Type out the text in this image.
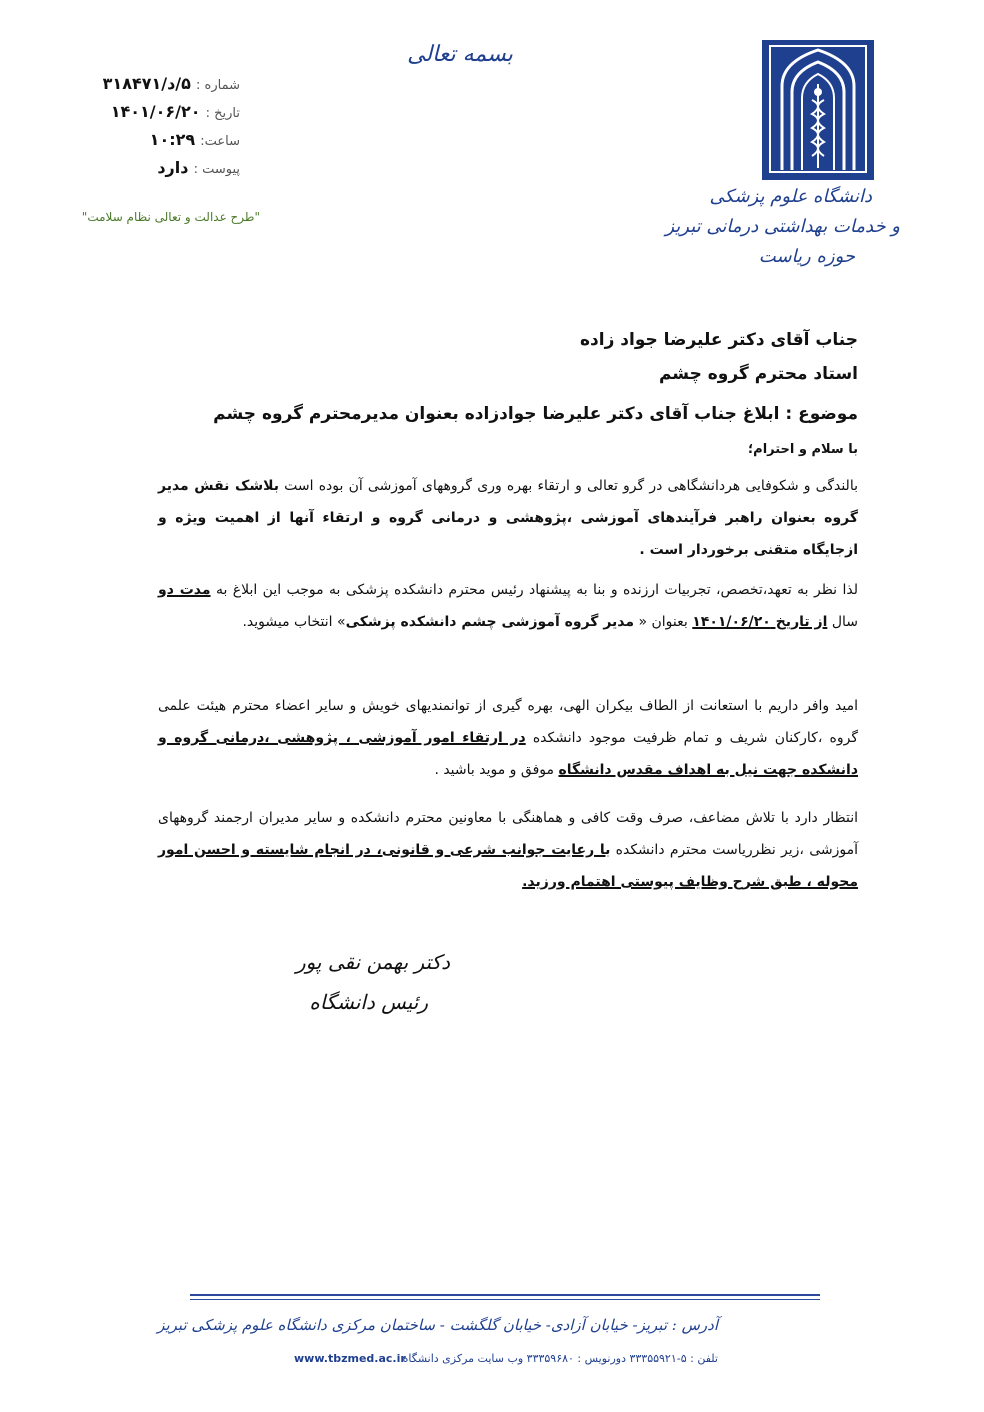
بسمه تعالی
شماره : ۵/د/۳۱۸۴۷۱
تاریخ : ۱۴۰۱/۰۶/۲۰
ساعت: ۱۰:۲۹
پیوست : دارد
"طرح عدالت و تعالی نظام سلامت"
دانشگاه علوم پزشکی
و خدمات بهداشتی درمانی تبریز
حوزه ریاست
جناب آقای دکتر علیرضا جواد زاده
استاد محترم گروه چشم
موضوع : ابلاغ جناب آقای دکتر علیرضا جوادزاده بعنوان مدیرمحترم گروه چشم
با سلام و احترام؛
بالندگی و شکوفایی هردانشگاهی در گرو تعالی و ارتقاء بهره وری گروههای آموزشی آن بوده است بلاشک نقش مدیر گروه بعنوان راهبر فرآیندهای آموزشی ،پژوهشی و درمانی گروه و ارتقاء آنها از اهمیت ویژه و ازجایگاه متقنی برخوردار است .
لذا نظر به تعهد،تخصص، تجربیات ارزنده و بنا به پیشنهاد رئیس محترم دانشکده پزشکی به موجب این ابلاغ به مدت دو سال از تاریخ ۱۴۰۱/۰۶/۲۰ بعنوان « مدیر گروه آموزشی چشم دانشکده پزشکی» انتخاب میشوید.
امید وافر داریم با استعانت از الطاف بیکران الهی، بهره گیری از توانمندیهای خویش و سایر اعضاء محترم هیئت علمی گروه ،کارکنان شریف و تمام ظرفیت موجود دانشکده در ارتقاء امور آموزشی ، پژوهشی ،درمانی گروه و دانشکده جهت نیل به اهداف مقدس دانشگاه موفق و موید باشید .
انتظار دارد با تلاش مضاعف، صرف وقت کافی و هماهنگی با معاونین محترم دانشکده و سایر مدیران ارجمند گروههای آموزشی ،زیر نظرریاست محترم دانشکده با رعایت جوانب شرعی و قانونی، در انجام شایسته و احسن امور محوله ، طبق شرح وظایف پیوستی اهتمام ورزید.
دکتر بهمن نقی پور
رئیس دانشگاه
آدرس : تبریز- خیابان آزادی- خیابان گلگشت - ساختمان مرکزی دانشگاه علوم پزشکی تبریز
تلفن : ۵-۳۳۳۵۵۹۲۱ دورنویس : ۳۳۳۵۹۶۸۰ وب سایت مرکزی دانشگاه
www.tbzmed.ac.ir
